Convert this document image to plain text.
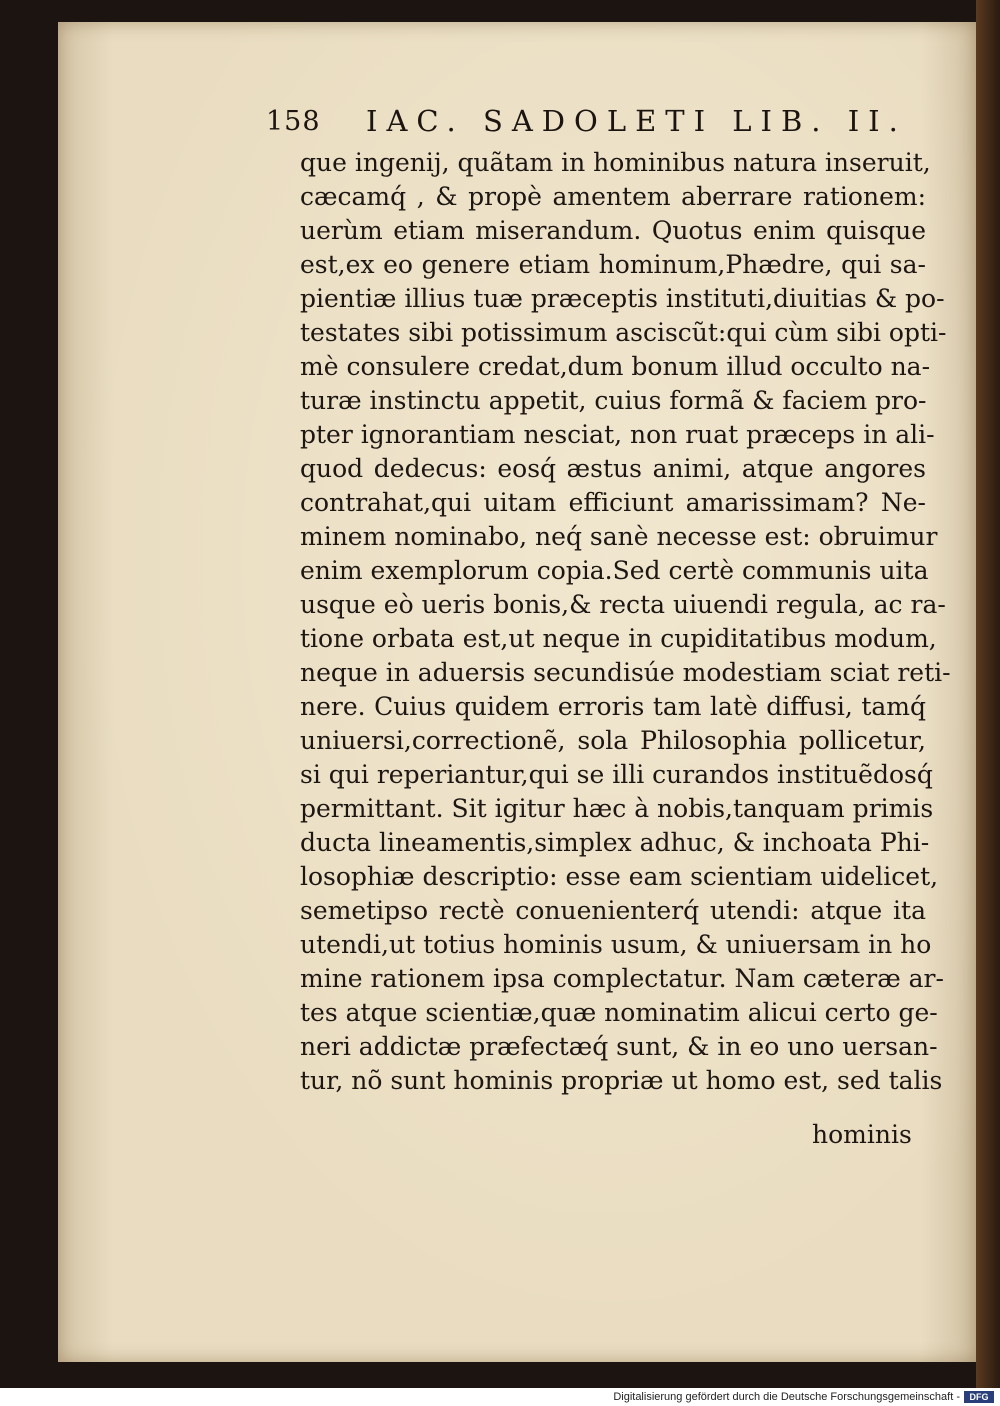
158 IAC. SADOLETI LIB. II.
que ingenij, quãtam in hominibus natura inseruit,
cæcamq́ , & propè amentem aberrare rationem:
uerùm etiam miserandum. Quotus enim quisque
est,ex eo genere etiam hominum,Phædre, qui sa-
pientiæ illius tuæ præceptis instituti,diuitias & po-
testates sibi potissimum asciscũt:qui cùm sibi opti-
mè consulere credat,dum bonum illud occulto na-
turæ instinctu appetit, cuius formã & faciem pro-
pter ignorantiam nesciat, non ruat præceps in ali-
quod dedecus: eosq́ æstus animi, atque angores
contrahat,qui uitam efficiunt amarissimam? Ne-
minem nominabo, neq́ sanè necesse est: obruimur
enim exemplorum copia.Sed certè communis uita
usque eò ueris bonis,& recta uiuendi regula, ac ra-
tione orbata est,ut neque in cupiditatibus modum,
neque in aduersis secundisúe modestiam sciat reti-
nere. Cuius quidem erroris tam latè diffusi, tamq́
uniuersi,correctionẽ, sola Philosophia pollicetur,
si qui reperiantur,qui se illi curandos instituẽdosq́
permittant. Sit igitur hæc à nobis,tanquam primis
ducta lineamentis,simplex adhuc, & inchoata Phi-
losophiæ descriptio: esse eam scientiam uidelicet,
semetipso rectè conuenienterq́ utendi: atque ita
utendi,ut totius hominis usum, & uniuersam in ho
mine rationem ipsa complectatur. Nam cæteræ ar-
tes atque scientiæ,quæ nominatim alicui certo ge-
neri addictæ præfectæq́ sunt, & in eo uno uersan-
tur, nõ sunt hominis propriæ ut homo est, sed talis
hominis
Digitalisierung gefördert durch die Deutsche Forschungsgemeinschaft -	DFG
